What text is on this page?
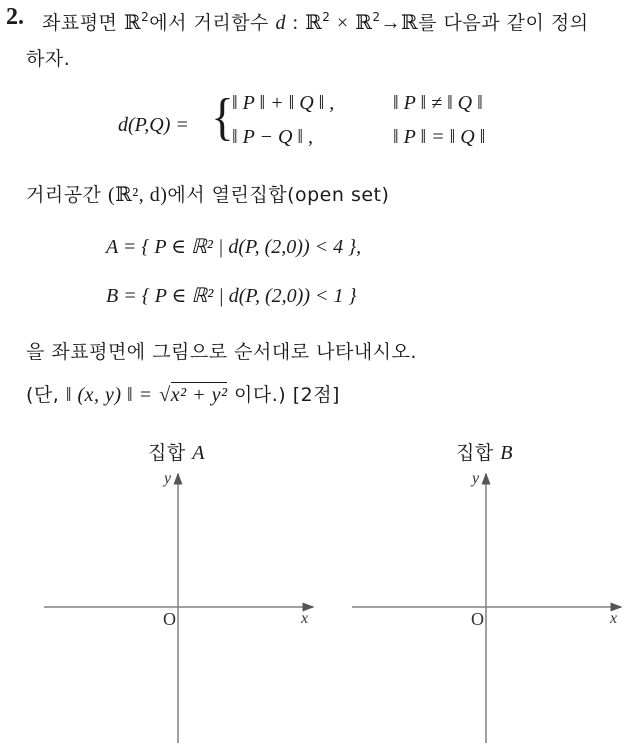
2. 좌표평면 ℝ$^2$에서 거리함수 d : ℝ$^2$ × ℝ$^2$→ℝ를 다음과 같이 정의
하자.
d(P,Q) = {
‖ P ‖ + ‖ Q ‖ ,	‖ P ‖ ≠ ‖ Q ‖
‖ P − Q ‖ ,	‖ P ‖ = ‖ Q ‖
거리공간 (ℝ², d)에서 열린집합(open set)
A = { P ∈ ℝ² | d(P, (2,0)) < 4 },
B = { P ∈ ℝ² | d(P, (2,0)) < 1 }
을 좌표평면에 그림으로 순서대로 나타내시오.
(단, ‖ (x, y) ‖ = √x² + y² 이다.) [2점]
집합 A	집합 B
y
x
O
y
x
O
